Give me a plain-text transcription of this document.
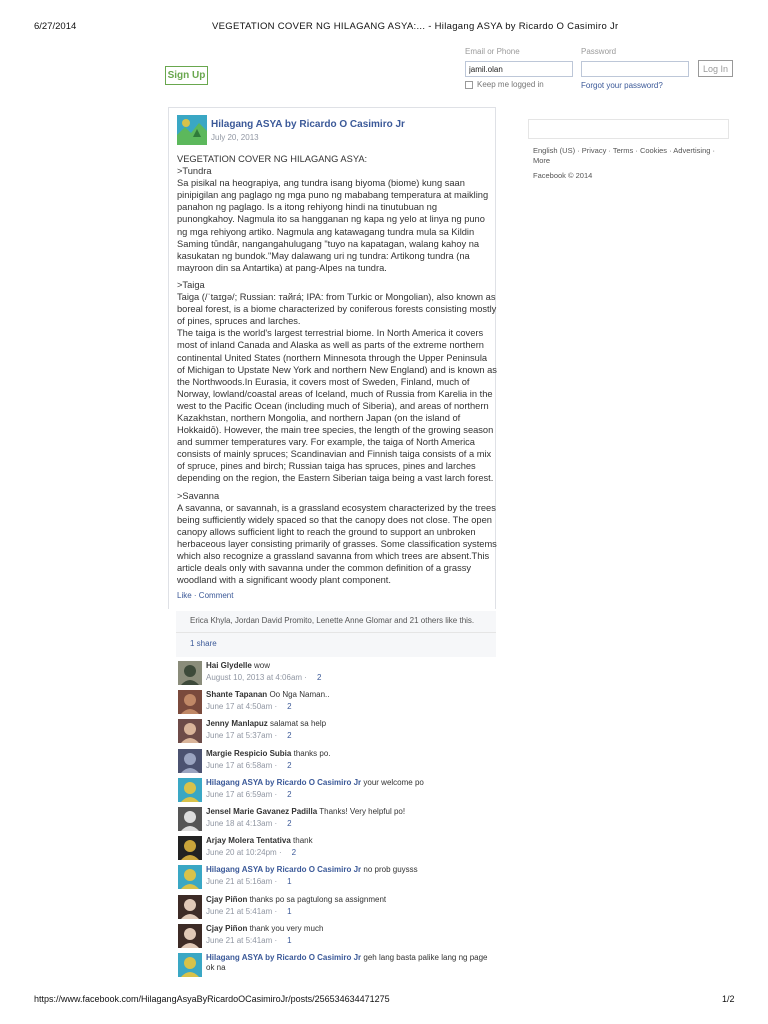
6/27/2014	VEGETATION COVER NG HILAGANG ASYA:... - Hilagang ASYA by Ricardo O Casimiro Jr
https://www.facebook.com/HilagangAsyaByRicardoOCasimiroJr/posts/256534634471275	1/2
Sign Up
Email or Phone
jamil.olan	Password
Log In
Keep me logged in	Forgot your password?
Hilagang ASYA by Ricardo O Casimiro Jr
July 20, 2013
VEGETATION COVER NG HILAGANG ASYA:
>Tundra
Sa pisikal na heograpiya, ang tundra isang biyoma (biome) kung saan pinipigilan ang paglago ng mga puno ng mababang temperatura at maikling panahon ng paglago. Is a itong rehiyong hindi na tinutubuan ng punongkahoy. Nagmula ito sa hangganan ng kapa ng yelo at linya ng puno ng mga rehiyong artiko. Nagmula ang katawagang tundra mula sa Kildin Saming tūndâr, nangangahulugang "tuyo na kapatagan, walang kahoy na kasukatan ng bundok."May dalawang uri ng tundra: Artikong tundra (na mayroon din sa Antartika) at pang-Alpes na tundra.
>Taiga
Taiga (/ˈtaɪɡə/; Russian: тайга́; IPA: from Turkic or Mongolian), also known as boreal forest, is a biome characterized by coniferous forests consisting mostly of pines, spruces and larches.
The taiga is the world's largest terrestrial biome. In North America it covers most of inland Canada and Alaska as well as parts of the extreme northern continental United States (northern Minnesota through the Upper Peninsula of Michigan to Upstate New York and northern New England) and is known as the Northwoods.In Eurasia, it covers most of Sweden, Finland, much of Norway, lowland/coastal areas of Iceland, much of Russia from Karelia in the west to the Pacific Ocean (including much of Siberia), and areas of northern Kazakhstan, northern Mongolia, and northern Japan (on the island of Hokkaidō). However, the main tree species, the length of the growing season and summer temperatures vary. For example, the taiga of North America consists of mainly spruces; Scandinavian and Finnish taiga consists of a mix of spruce, pines and birch; Russian taiga has spruces, pines and larches depending on the region, the Eastern Siberian taiga being a vast larch forest.
>Savanna
A savanna, or savannah, is a grassland ecosystem characterized by the trees being sufficiently widely spaced so that the canopy does not close. The open canopy allows sufficient light to reach the ground to support an unbroken herbaceous layer consisting primarily of grasses. Some classification systems which also recognize a grassland savanna from which trees are absent.This article deals only with savanna under the common definition of a grassy woodland with a significant woody plant component.
Like · Comment
Erica Khyla, Jordan David Promito, Lenette Anne Glomar and 21 others like this.
1 share
Hai Glydelle wow
August 10, 2013 at 4:06am · 2
Shante Tapanan Oo Nga Naman..
June 17 at 4:50am · 2
Jenny Manlapuz salamat sa help
June 17 at 5:37am · 2
Margie Respicio Subia thanks po.
June 17 at 6:58am · 2
Hilagang ASYA by Ricardo O Casimiro Jr your welcome po
June 17 at 6:59am · 2
Jensel Marie Gavanez Padilla Thanks! Very helpful po!
June 18 at 4:13am · 2
Arjay Molera Tentativa thank
June 20 at 10:24pm · 2
Hilagang ASYA by Ricardo O Casimiro Jr no prob guysss
June 21 at 5:16am · 1
Cjay Piñon thanks po sa pagtulong sa assignment
June 21 at 5:41am · 1
Cjay Piñon thank you very much
June 21 at 5:41am · 1
Hilagang ASYA by Ricardo O Casimiro Jr geh lang basta palike lang ng page ok na
English (US) · Privacy · Terms · Cookies · Advertising · More
Facebook © 2014
